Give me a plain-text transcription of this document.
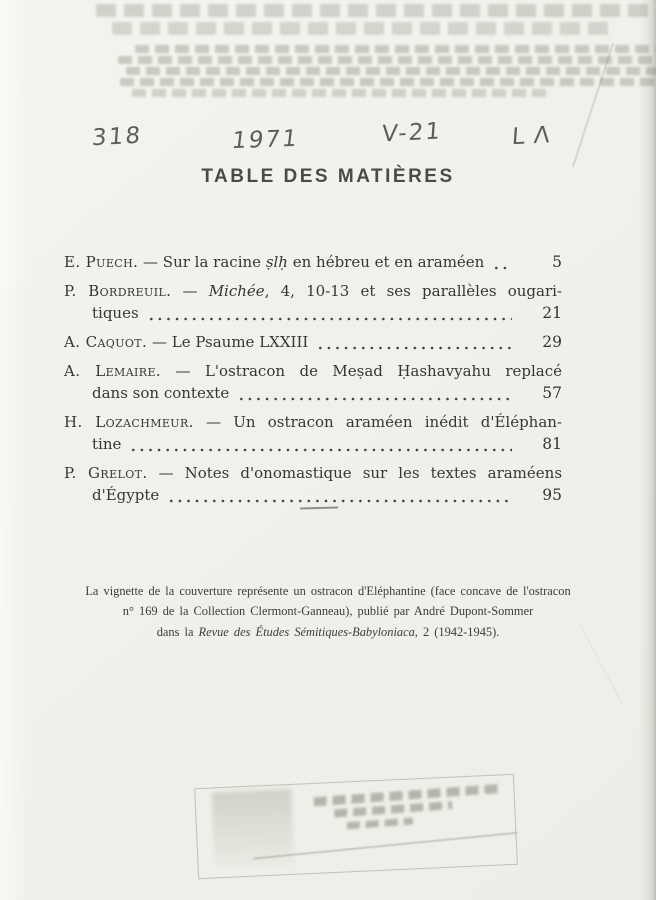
318	1971	V-21	LΛ
TABLE DES MATIÈRES
E. Puech. — Sur la racine ṣlḥ en hébreu et en araméen	5
P. Bordreuil. — Michée, 4, 10-13 et ses parallèles ougari-
tiques	21
A. Caquot. — Le Psaume LXXIII	29
A. Lemaire. — L'ostracon de Meṣad Ḥashavyahu replacé
dans son contexte	57
H. Lozachmeur. — Un ostracon araméen inédit d'Éléphan-
tine	81
P. Grelot. — Notes d'onomastique sur les textes araméens
d'Égypte	95
La vignette de la couverture représente un ostracon d'Eléphantine (face concave de l'ostracon
n° 169 de la Collection Clermont-Ganneau), publié par André Dupont-Sommer
dans la Revue des Études Sémitiques-Babyloniaca, 2 (1942-1945).
